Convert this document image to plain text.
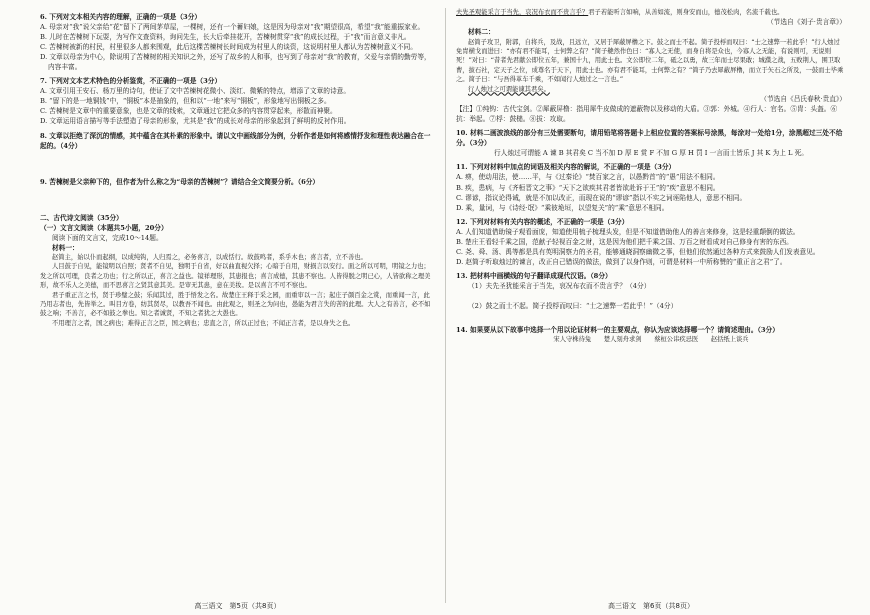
6. 下列对文本相关内容的理解，正确的一项是（3分）

A. 母亲对“我”说父亲给“花”留下了两间茅草屋，一棵树，还有一个蓄妇娘，这是因为母亲对“我”期望很高，希望“我”能重振家业。

B. 儿时在苦楝树下玩耍，为写作文查资料，询问先生，长大后牵挂花开，苦楝树贯穿“我”的成长过程，于“我”而言意义非凡。

C. 苦楝树被新的村民，村里很多人都来围观，此后这棵苦楝树长时间成为村里人的谈资，这说明村里人都认为苦楝树意义不同。

D. 文章以母亲为中心，除说明了苦楝树的相关知识之外，还写了故乡的人和事，也写到了母亲对“我”的教育，父爱与亲情的勤劳等，内容丰富。

7. 下列对文本艺术特色的分析鉴赏，不正确的一项是（3分）

A. 文章引用王安石、杨万里的诗句，使证了文中苦楝树花微小、淡红、微紫的特点，增添了文章的诗意。

B. “留下的是一地铜钱”中，“铜板”本是抽象的，但和以“一地”来写“铜板”，形象地写出铜板之多。

C. 苦楝树是文章中的重要意象，也是文章的线索，文章通过它把众多的内容贯穿起来，形散而神聚。

D. 文章运用语言描写等手法塑造了母亲的形象，尤其是“我”的成长对母亲的形象起到了鲜明的反衬作用。

8. 文章以拒绝了深沉的情感，其中蕴含在其朴素的形象中。请以文中画线部分为例，分析作者是如何将感情抒发和理性表达融合在一起的。（4分）

9. 苦楝树是父亲种下的，但作者为什么称之为“母亲的苦楝树”？请结合全文简要分析。（6分）

二、古代诗文阅读（35分）

（一）文言文阅读（本题共5小题，20分）

阅读下面的文言文，完成10～14题。

材料一：

赵简主，始以仆而起纲，以成纯钩，人归焉之，必务喜言，以成恬行。故鼓鸣者，系乎木也；喜言者，立不善也。

人目鼓于自见，能镜明以自照；贤者不自见，独明于自省，好以曲直视欠择；心暗于自用，财损言以安行。面之所以可明，明镜之力也；发之所以可理，良者之功也；行之所以正，喜言之益也。镜祥理形，其患报也；喜言成德，其患不察也。人皆得脱之明已心，人皆欲称之理美形，故不乐人之美德，而不思喜言之贤其意其美。是审无其患，意在美妆。是以喜言不可不察也。

君子重正言之书，贤于珍璧之鼓；乐闻其过，胜于悟发之名。故楚庄王释于采之园，而重审以一言；起庄子颜百金之赏，而重闻一言，此乃用志者也，先皆举之。叫目方卷，纺其贤尽，以教吾不闻也。由此观之，则圣之为问也，愚能为君言失的苦的此理。大人之有善言，必不如鼓之响；不善言，必不如鼓之拳也。知之者诚贤，不知之者犹之大愚也。

不用理言之者，国之病也；难得正言之臣，国之病也；忠直之言，所以正过也；不闻正言者，是以身失之也。

夫先圣观能采言于当先，哀况布衣而不贵言乎？君子若能听言如响，从善如流，则身安而山，德茂松肉，名流千载也。

（节选自《刘子·贵言章》）

材料二：

赵简子攻卫，附郭，自将兵，及战，且远立，又居于犀蔽屏橹之下。鼓之而士不起。简子投桴而叹曰：“士之速弊一若此乎！”行人烛过免胄横戈而进曰：“亦有君不能耳，士何弊之有？”简子艴然作色曰：“寡人之无使，而身自将是众也，今寡人之无能，有说则可，无说则死！”对曰：“昔者先君献公即位五年，兼国十九，用此士也。文公即位二年，砥之以勇，故三年而士尽果敢；城濮之战，五败荆人，围卫取曹，拔石社，定天子之位，成尊名于天下，用此士也。亦有君不能耳，士何弊之有？”简子乃去犀蔽屏橹，而立于矢石之所及，一鼓而士毕乘之。简子曰：“与吾得革车千乘，不如闻行人烛过之一言也。”

行人烛过之可谓能谏其君矣。

（节选自《吕氏春秋·贵直》）

【注】①纯钩：古代宝剑。②犀蔽屏橹：指用犀牛皮做成的遮蔽物以及移动的大盾。③郭：外城。④行人：官名。⑤胄：头盔。⑥抗：举起。⑦桴：鼓槌。⑧拔：攻取。

10. 材料二画波浪线的部分有三处需要断句，请用铅笔将答题卡上相应位置的答案标号涂黑，每涂对一处给1分，涂黑超过三处不给分。（3分）

行人烛过可谓能 A 谏 B 其君矣 C 当不加 D 厚 E 赏 F 不加 G 厚 H 罚 I 一言而士皆乐 J 其 K 为上 L 死。

11. 下列对材料中加点的词语及相关内容的解说，不正确的一项是（3分）

A. 痹，使动用法，使……平，与《过秦论》“焚百家之言，以愚黔首”的“愚”用法不相同。

B. 疾，患病，与《齐桓晋文之事》“天下之欲疾其君者皆欲赴诉于王”的“疾”意思不相同。

C. 谬谚，指议论得诫，就是不加以改正，而现在说的“谬谚”指以不实之词诬陷他人，意思不相同。

D. 乘，量词，与《诗经·氓》“乘彼垝垣，以望复关”的“乘”意思不相同。

12. 下列对材料有关内容的概述，不正确的一项是（3分）

A. 人们知道借助镜子观看面庞，知道使用梳子梳理头发，但是不知道借助他人的善言来修身，这是轻重颠倒的做法。

B. 楚庄王看轻千乘之国，范献子轻视百金之财，这是因为他们把千乘之国、万百之财看成对自己修身有害的东西。

C. 尧、舜、汤、禹等都是具有英明洞察力的圣君，能够通晓洞察幽微之事，但他们依然通过各种方式来鼓励人们发表意见。

D. 赵简子听取烛过的谏言，改正自己错误的做法，做到了以身作则，可谓是材料一中所称赞的“重正言之君”了。

13. 把材料中画横线的句子翻译成现代汉语。（8分）

（1）夫先圣犹能采言于当先，哀况布衣而不贵言乎？（4分）

（2）鼓之而士不起。简子投桴而叹曰：“士之速弊一若此乎！”（4分）

14. 如果要从以下故事中选择一个用以论证材料一的主要观点，你认为应该选择哪一个？请简述理由。（3分）

宋人守株待兔　　楚人刻舟求剑　　蔡桓公讳疾忌医　　赵括纸上谈兵

高三语文　第5页（共8页）	高三语文　第6页（共8页）
